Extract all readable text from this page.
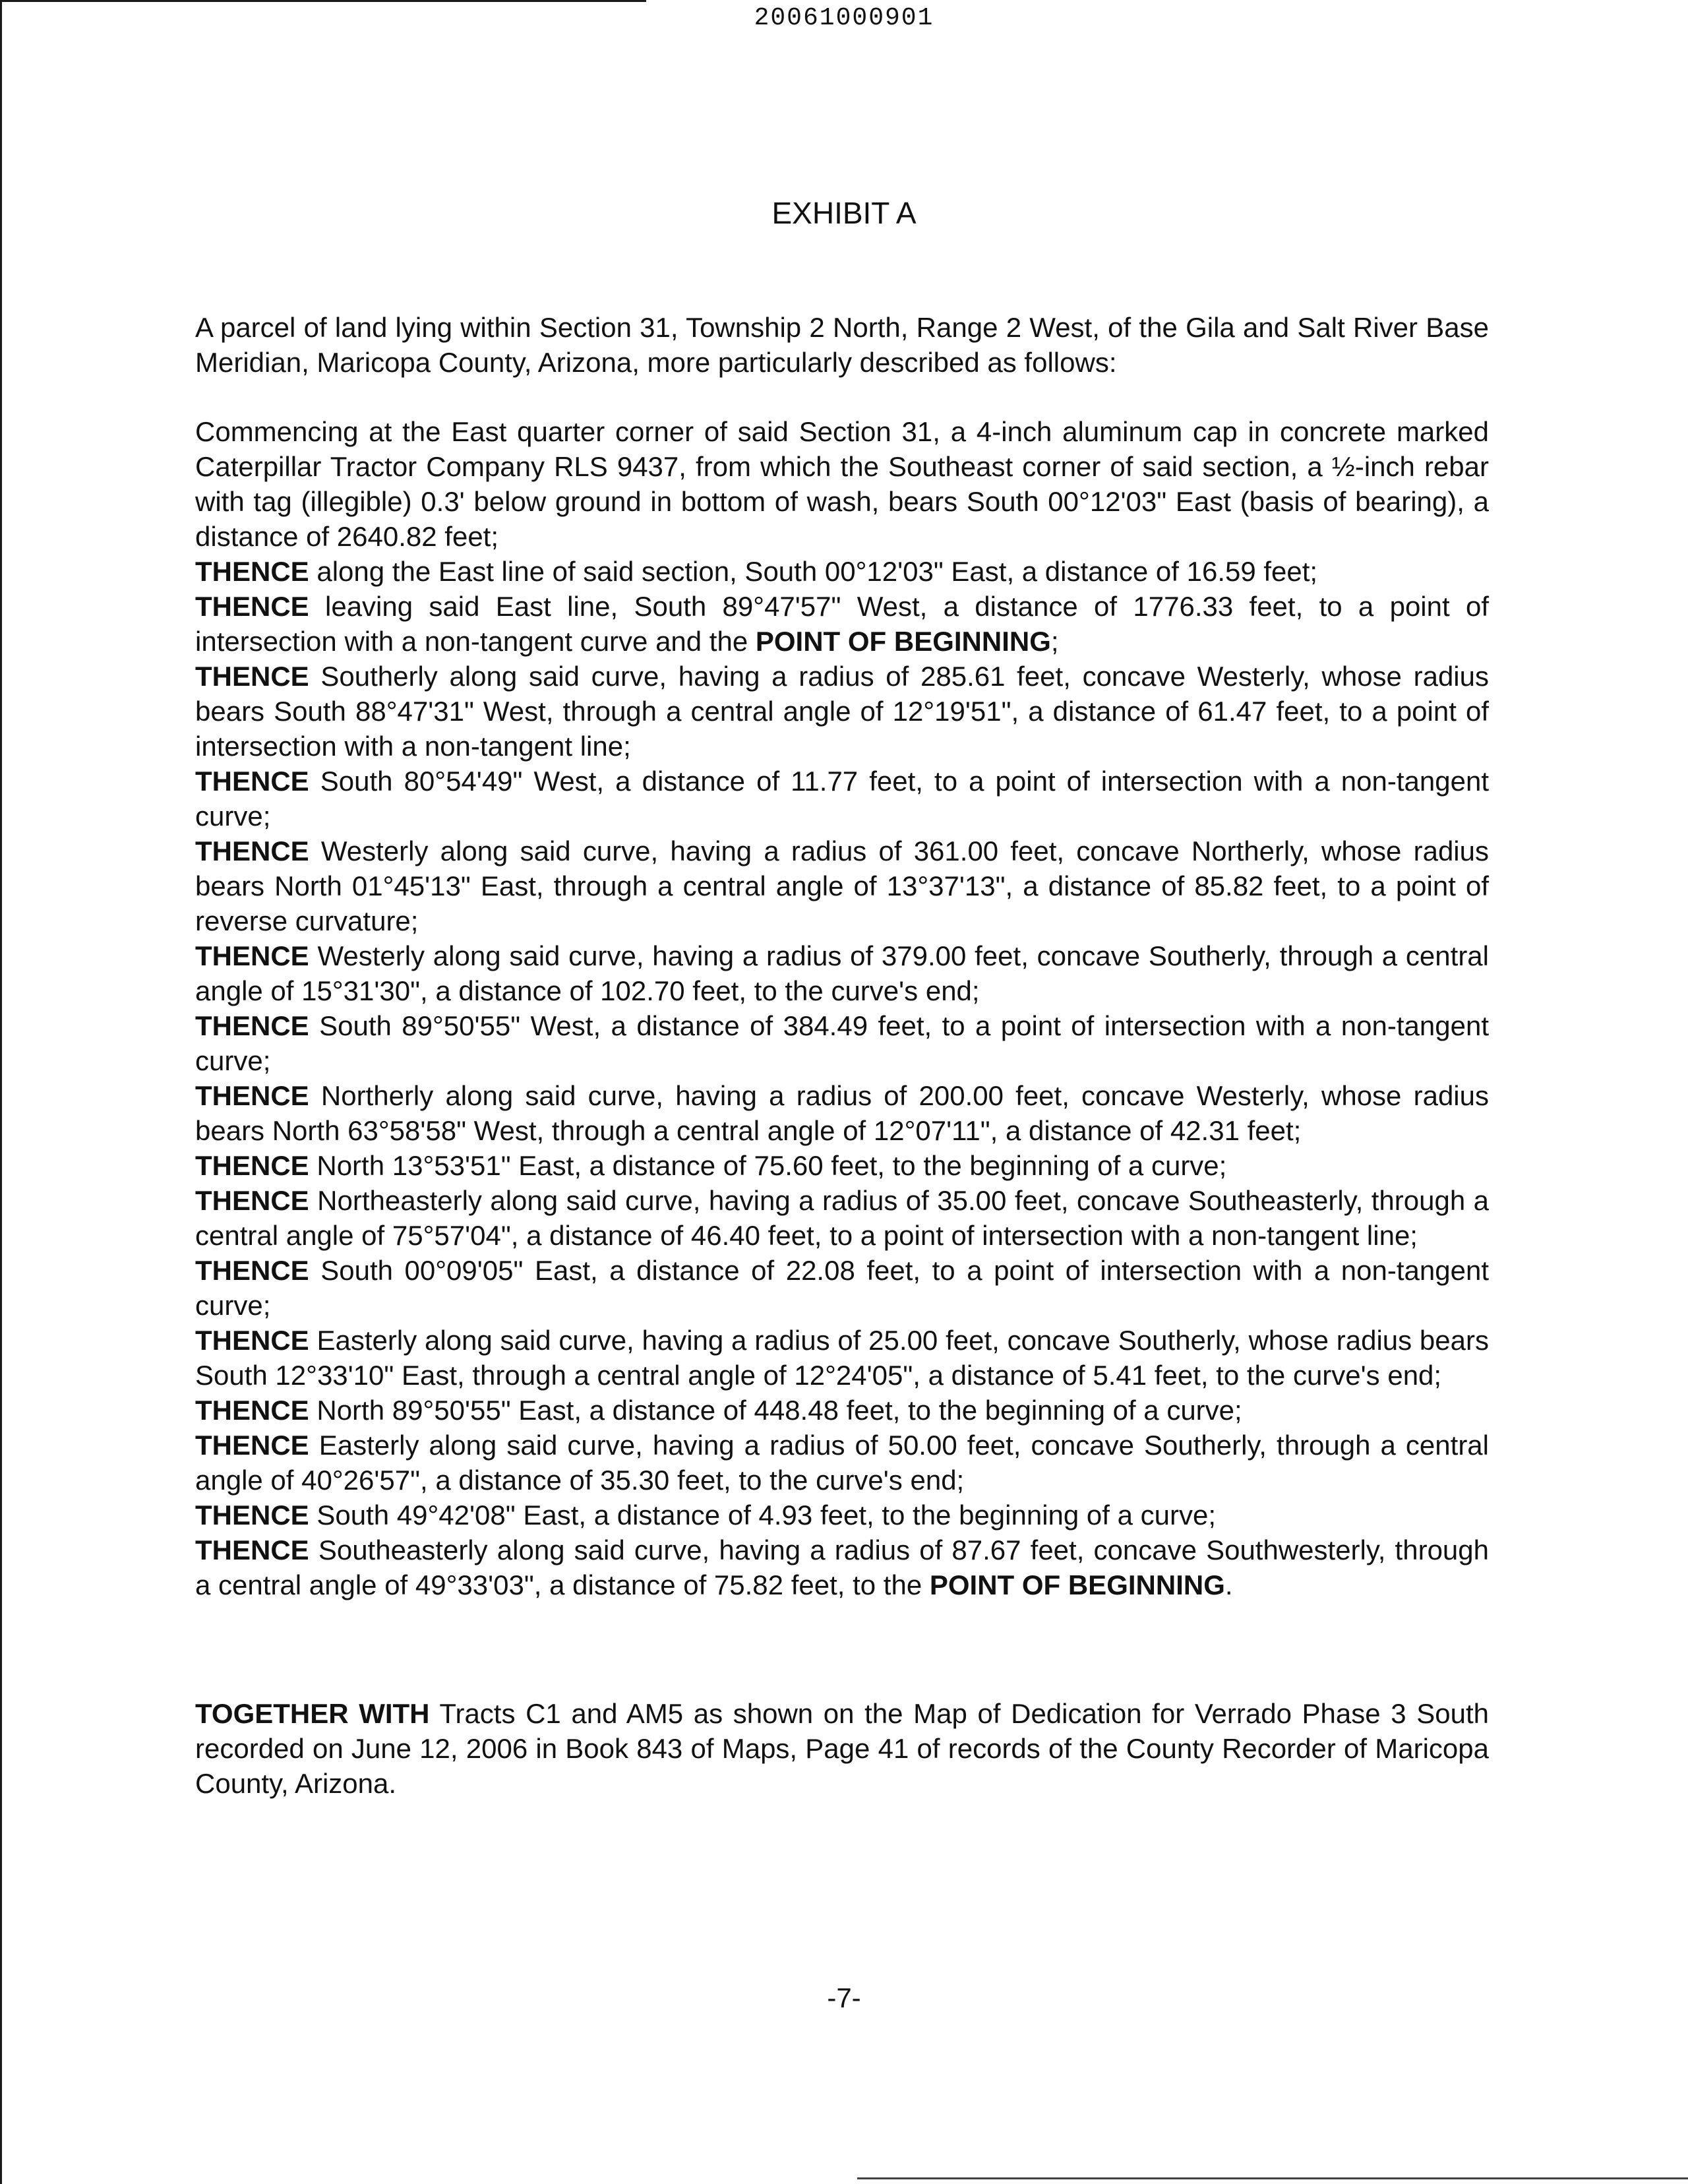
20061000901
EXHIBIT A

A parcel of land lying within Section 31, Township 2 North, Range 2 West, of the Gila and Salt River Base Meridian, Maricopa County, Arizona, more particularly described as follows:

Commencing at the East quarter corner of said Section 31, a 4-inch aluminum cap in concrete marked Caterpillar Tractor Company RLS 9437, from which the Southeast corner of said section, a ½-inch rebar with tag (illegible) 0.3' below ground in bottom of wash, bears South 00°12'03" East (basis of bearing), a distance of 2640.82 feet;

THENCE along the East line of said section, South 00°12'03" East, a distance of 16.59 feet;

THENCE leaving said East line, South 89°47'57" West, a distance of 1776.33 feet, to a point of intersection with a non-tangent curve and the POINT OF BEGINNING;

THENCE Southerly along said curve, having a radius of 285.61 feet, concave Westerly, whose radius bears South 88°47'31" West, through a central angle of 12°19'51", a distance of 61.47 feet, to a point of intersection with a non-tangent line;

THENCE South 80°54'49" West, a distance of 11.77 feet, to a point of intersection with a non-tangent curve;

THENCE Westerly along said curve, having a radius of 361.00 feet, concave Northerly, whose radius bears North 01°45'13" East, through a central angle of 13°37'13", a distance of 85.82 feet, to a point of reverse curvature;

THENCE Westerly along said curve, having a radius of 379.00 feet, concave Southerly, through a central angle of 15°31'30", a distance of 102.70 feet, to the curve's end;

THENCE South 89°50'55" West, a distance of 384.49 feet, to a point of intersection with a non-tangent curve;

THENCE Northerly along said curve, having a radius of 200.00 feet, concave Westerly, whose radius bears North 63°58'58" West, through a central angle of 12°07'11", a distance of 42.31 feet;

THENCE North 13°53'51" East, a distance of 75.60 feet, to the beginning of a curve;

THENCE Northeasterly along said curve, having a radius of 35.00 feet, concave Southeasterly, through a central angle of 75°57'04", a distance of 46.40 feet, to a point of intersection with a non-tangent line;

THENCE South 00°09'05" East, a distance of 22.08 feet, to a point of intersection with a non-tangent curve;

THENCE Easterly along said curve, having a radius of 25.00 feet, concave Southerly, whose radius bears South 12°33'10" East, through a central angle of 12°24'05", a distance of 5.41 feet, to the curve's end;

THENCE North 89°50'55" East, a distance of 448.48 feet, to the beginning of a curve;

THENCE Easterly along said curve, having a radius of 50.00 feet, concave Southerly, through a central angle of 40°26'57", a distance of 35.30 feet, to the curve's end;

THENCE South 49°42'08" East, a distance of 4.93 feet, to the beginning of a curve;

THENCE Southeasterly along said curve, having a radius of 87.67 feet, concave Southwesterly, through a central angle of 49°33'03", a distance of 75.82 feet, to the POINT OF BEGINNING.

TOGETHER WITH Tracts C1 and AM5 as shown on the Map of Dedication for Verrado Phase 3 South recorded on June 12, 2006 in Book 843 of Maps, Page 41 of records of the County Recorder of Maricopa County, Arizona.

-7-
